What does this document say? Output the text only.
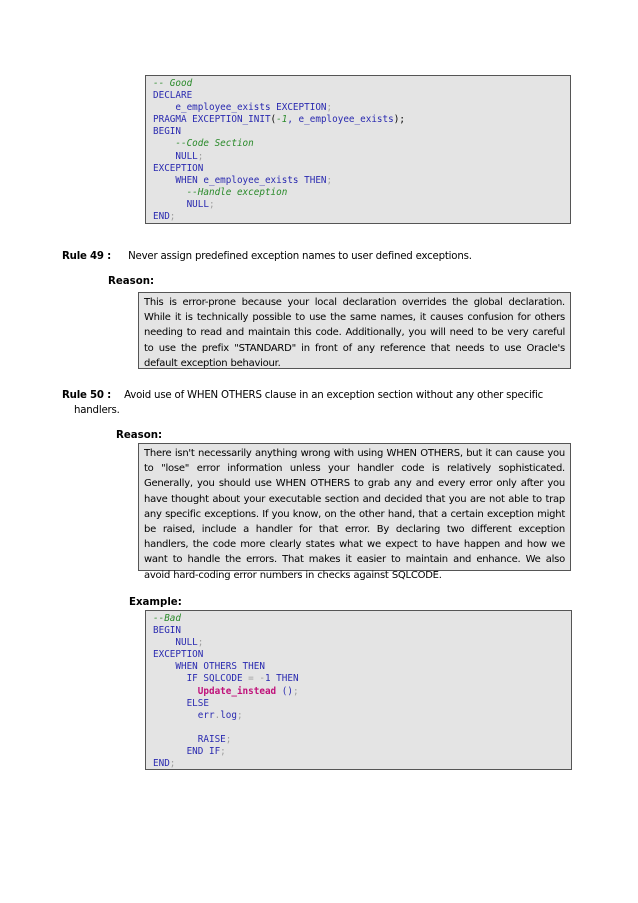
-- Good
DECLARE
e_employee_exists EXCEPTION;
PRAGMA EXCEPTION_INIT(-1, e_employee_exists);
BEGIN
--Code Section
NULL;
EXCEPTION
WHEN e_employee_exists THEN;
--Handle exception
NULL;
END;
Rule 49 : Never assign predefined exception names to user defined exceptions.
Reason:
This is error-prone because your local declaration overrides the global declaration. While it is technically possible to use the same names, it causes confusion for others needing to read and maintain this code. Additionally, you will need to be very careful to use the prefix "STANDARD" in front of any reference that needs to use Oracle's default exception behaviour.
Rule 50 : Avoid use of WHEN OTHERS clause in an exception section without any other specific
handlers.
Reason:
There isn't necessarily anything wrong with using WHEN OTHERS, but it can cause you to "lose" error information unless your handler code is relatively sophisticated. Generally, you should use WHEN OTHERS to grab any and every error only after you have thought about your executable section and decided that you are not able to trap any specific exceptions. If you know, on the other hand, that a certain exception might be raised, include a handler for that error. By declaring two different exception handlers, the code more clearly states what we expect to have happen and how we want to handle the errors. That makes it easier to maintain and enhance. We also avoid hard-coding error numbers in checks against SQLCODE.
Example:
--Bad
BEGIN
NULL;
EXCEPTION
WHEN OTHERS THEN
IF SQLCODE = -1 THEN
Update_instead ();
ELSE
err.log;
RAISE;
END IF;
END;
